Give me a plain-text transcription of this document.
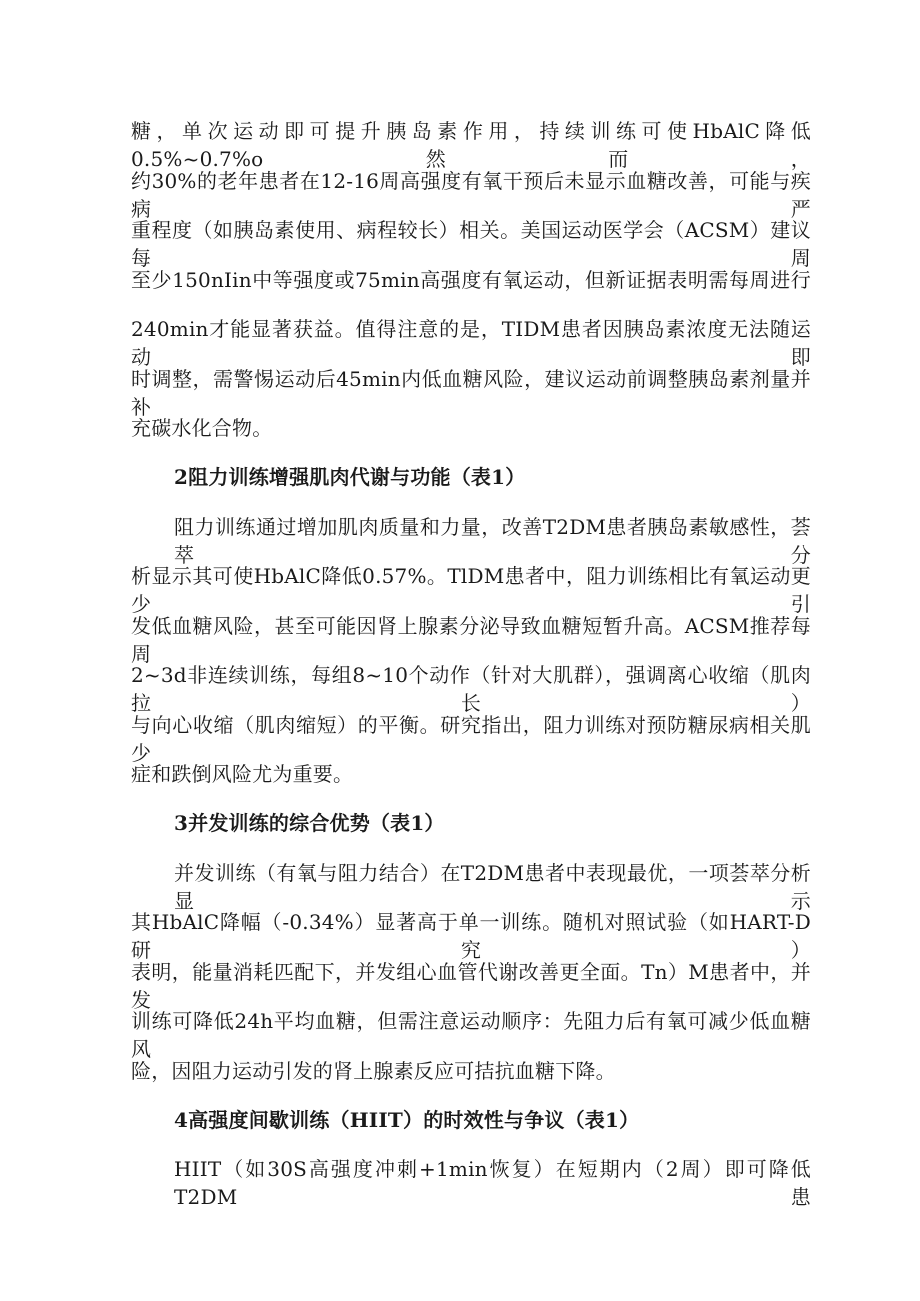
糖，单次运动即可提升胰岛素作用，持续训练可使HbAlC降低0.5%~0.7%o然而，
约30%的老年患者在12-16周高强度有氧干预后未显示血糖改善，可能与疾病严
重程度（如胰岛素使用、病程较长）相关。美国运动医学会（ACSM）建议每周
至少150nIin中等强度或75min高强度有氧运动，但新证据表明需每周进行
240min才能显著获益。值得注意的是，TIDM患者因胰岛素浓度无法随运动即
时调整，需警惕运动后45min内低血糖风险，建议运动前调整胰岛素剂量并补
充碳水化合物。
2阻力训练增强肌肉代谢与功能（表1）
阻力训练通过增加肌肉质量和力量，改善T2DM患者胰岛素敏感性，荟萃分
析显示其可使HbAlC降低0.57%。TlDM患者中，阻力训练相比有氧运动更少引
发低血糖风险，甚至可能因肾上腺素分泌导致血糖短暂升高。ACSM推荐每周
2~3d非连续训练，每组8~10个动作（针对大肌群），强调离心收缩（肌肉拉长）
与向心收缩（肌肉缩短）的平衡。研究指出，阻力训练对预防糖尿病相关肌少
症和跌倒风险尤为重要。
3并发训练的综合优势（表1）
并发训练（有氧与阻力结合）在T2DM患者中表现最优，一项荟萃分析显示
其HbAlC降幅（-0.34%）显著高于单一训练。随机对照试验（如HART-D研究）
表明，能量消耗匹配下，并发组心血管代谢改善更全面。Tn）M患者中，并发
训练可降低24h平均血糖，但需注意运动顺序：先阻力后有氧可减少低血糖风
险，因阻力运动引发的肾上腺素反应可拮抗血糖下降。
4高强度间歇训练（HIIT）的时效性与争议（表1）
HIIT（如30S高强度冲刺+1min恢复）在短期内（2周）即可降低T2DM患
